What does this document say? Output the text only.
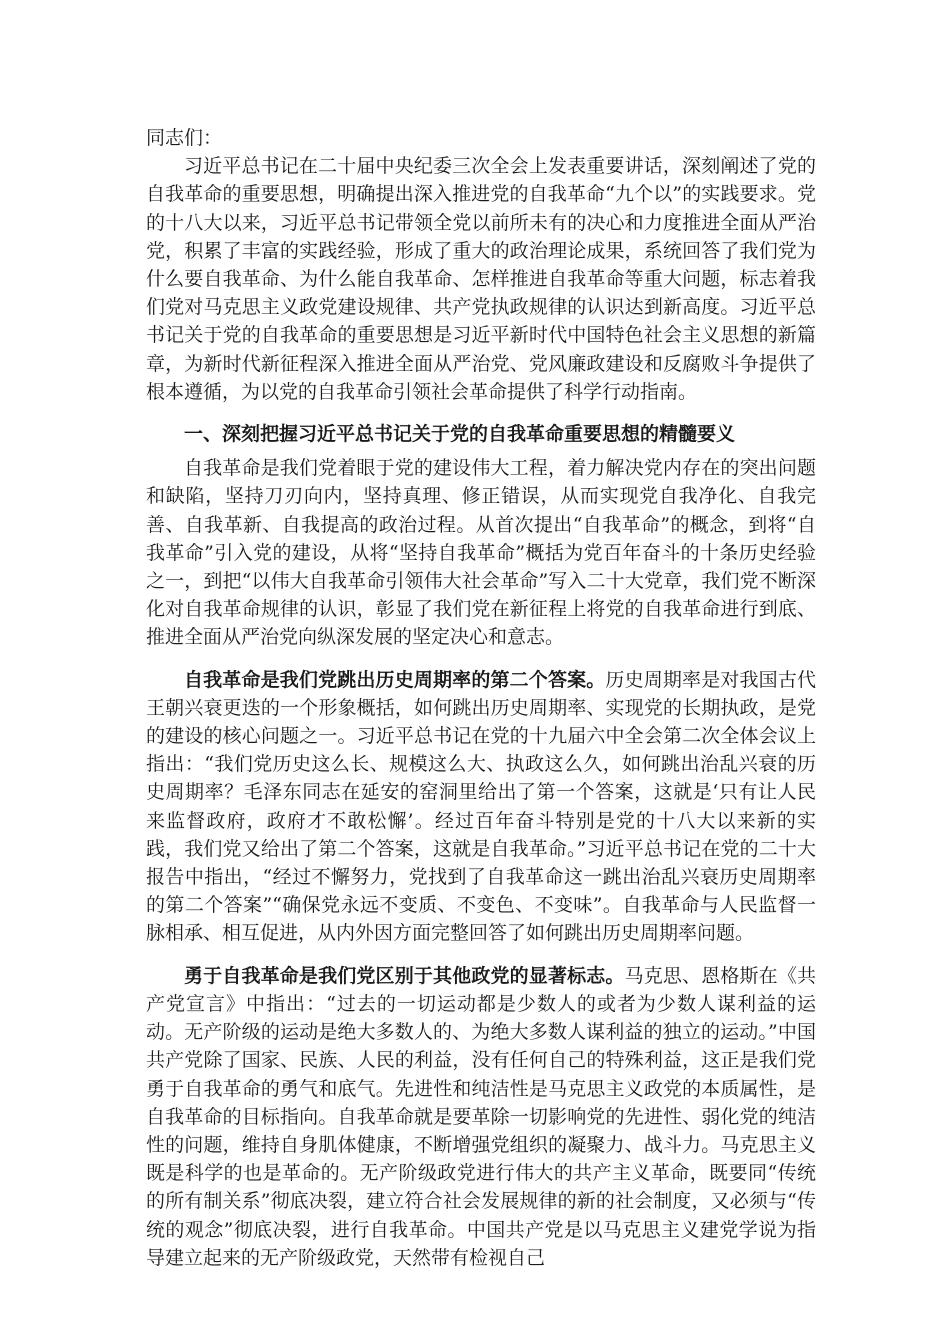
同志们：

习近平总书记在二十届中央纪委三次全会上发表重要讲话，深刻阐述了党的自我革命的重要思想，明确提出深入推进党的自我革命“九个以”的实践要求。党的十八大以来，习近平总书记带领全党以前所未有的决心和力度推进全面从严治党，积累了丰富的实践经验，形成了重大的政治理论成果，系统回答了我们党为什么要自我革命、为什么能自我革命、怎样推进自我革命等重大问题，标志着我们党对马克思主义政党建设规律、共产党执政规律的认识达到新高度。习近平总书记关于党的自我革命的重要思想是习近平新时代中国特色社会主义思想的新篇章，为新时代新征程深入推进全面从严治党、党风廉政建设和反腐败斗争提供了根本遵循，为以党的自我革命引领社会革命提供了科学行动指南。

一、深刻把握习近平总书记关于党的自我革命重要思想的精髓要义

自我革命是我们党着眼于党的建设伟大工程，着力解决党内存在的突出问题和缺陷，坚持刀刃向内，坚持真理、修正错误，从而实现党自我净化、自我完善、自我革新、自我提高的政治过程。从首次提出“自我革命”的概念，到将“自我革命”引入党的建设，从将“坚持自我革命”概括为党百年奋斗的十条历史经验之一，到把“以伟大自我革命引领伟大社会革命”写入二十大党章，我们党不断深化对自我革命规律的认识，彰显了我们党在新征程上将党的自我革命进行到底、推进全面从严治党向纵深发展的坚定决心和意志。

自我革命是我们党跳出历史周期率的第二个答案。历史周期率是对我国古代王朝兴衰更迭的一个形象概括，如何跳出历史周期率、实现党的长期执政，是党的建设的核心问题之一。习近平总书记在党的十九届六中全会第二次全体会议上指出：“我们党历史这么长、规模这么大、执政这么久，如何跳出治乱兴衰的历史周期率？毛泽东同志在延安的窑洞里给出了第一个答案，这就是‘只有让人民来监督政府，政府才不敢松懈’。经过百年奋斗特别是党的十八大以来新的实践，我们党又给出了第二个答案，这就是自我革命。”习近平总书记在党的二十大报告中指出，“经过不懈努力，党找到了自我革命这一跳出治乱兴衰历史周期率的第二个答案”“确保党永远不变质、不变色、不变味”。自我革命与人民监督一脉相承、相互促进，从内外因方面完整回答了如何跳出历史周期率问题。

勇于自我革命是我们党区别于其他政党的显著标志。马克思、恩格斯在《共产党宣言》中指出：“过去的一切运动都是少数人的或者为少数人谋利益的运动。无产阶级的运动是绝大多数人的、为绝大多数人谋利益的独立的运动。”中国共产党除了国家、民族、人民的利益，没有任何自己的特殊利益，这正是我们党勇于自我革命的勇气和底气。先进性和纯洁性是马克思主义政党的本质属性，是自我革命的目标指向。自我革命就是要革除一切影响党的先进性、弱化党的纯洁性的问题，维持自身肌体健康，不断增强党组织的凝聚力、战斗力。马克思主义既是科学的也是革命的。无产阶级政党进行伟大的共产主义革命，既要同“传统的所有制关系”彻底决裂，建立符合社会发展规律的新的社会制度，又必须与“传统的观念”彻底决裂，进行自我革命。中国共产党是以马克思主义建党学说为指导建立起来的无产阶级政党，天然带有检视自己
